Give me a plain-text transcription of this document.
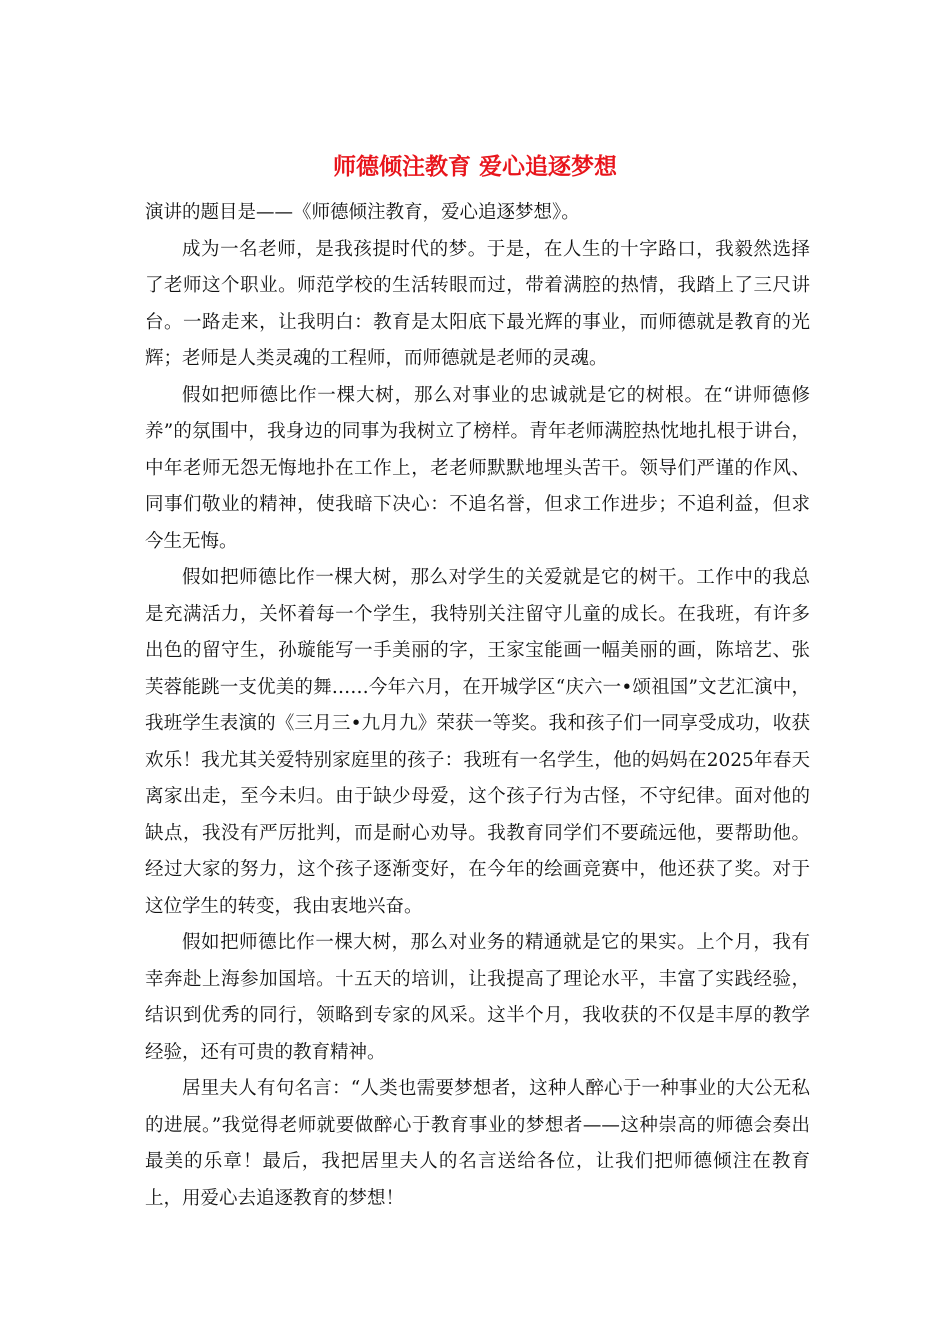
师德倾注教育 爱心追逐梦想

演讲的题目是——《师德倾注教育，爱心追逐梦想》。

成为一名老师，是我孩提时代的梦。于是，在人生的十字路口，我毅然选择了老师这个职业。师范学校的生活转眼而过，带着满腔的热情，我踏上了三尺讲台。一路走来，让我明白：教育是太阳底下最光辉的事业，而师德就是教育的光辉；老师是人类灵魂的工程师，而师德就是老师的灵魂。

假如把师德比作一棵大树，那么对事业的忠诚就是它的树根。在“讲师德修养”的氛围中，我身边的同事为我树立了榜样。青年老师满腔热忱地扎根于讲台，中年老师无怨无悔地扑在工作上，老老师默默地埋头苦干。领导们严谨的作风、同事们敬业的精神，使我暗下决心：不追名誉，但求工作进步；不追利益，但求今生无悔。

假如把师德比作一棵大树，那么对学生的关爱就是它的树干。工作中的我总是充满活力，关怀着每一个学生，我特别关注留守儿童的成长。在我班，有许多出色的留守生，孙璇能写一手美丽的字，王家宝能画一幅美丽的画，陈培艺、张芙蓉能跳一支优美的舞……今年六月，在开城学区“庆六一•颂祖国”文艺汇演中，我班学生表演的《三月三•九月九》荣获一等奖。我和孩子们一同享受成功，收获欢乐！我尤其关爱特别家庭里的孩子：我班有一名学生，他的妈妈在2025年春天离家出走，至今未归。由于缺少母爱，这个孩子行为古怪，不守纪律。面对他的缺点，我没有严厉批判，而是耐心劝导。我教育同学们不要疏远他，要帮助他。经过大家的努力，这个孩子逐渐变好，在今年的绘画竞赛中，他还获了奖。对于这位学生的转变，我由衷地兴奋。

假如把师德比作一棵大树，那么对业务的精通就是它的果实。上个月，我有幸奔赴上海参加国培。十五天的培训，让我提高了理论水平，丰富了实践经验，结识到优秀的同行，领略到专家的风采。这半个月，我收获的不仅是丰厚的教学经验，还有可贵的教育精神。

居里夫人有句名言：“人类也需要梦想者，这种人醉心于一种事业的大公无私的进展。”我觉得老师就要做醉心于教育事业的梦想者——这种崇高的师德会奏出最美的乐章！最后，我把居里夫人的名言送给各位，让我们把师德倾注在教育上，用爱心去追逐教育的梦想！
